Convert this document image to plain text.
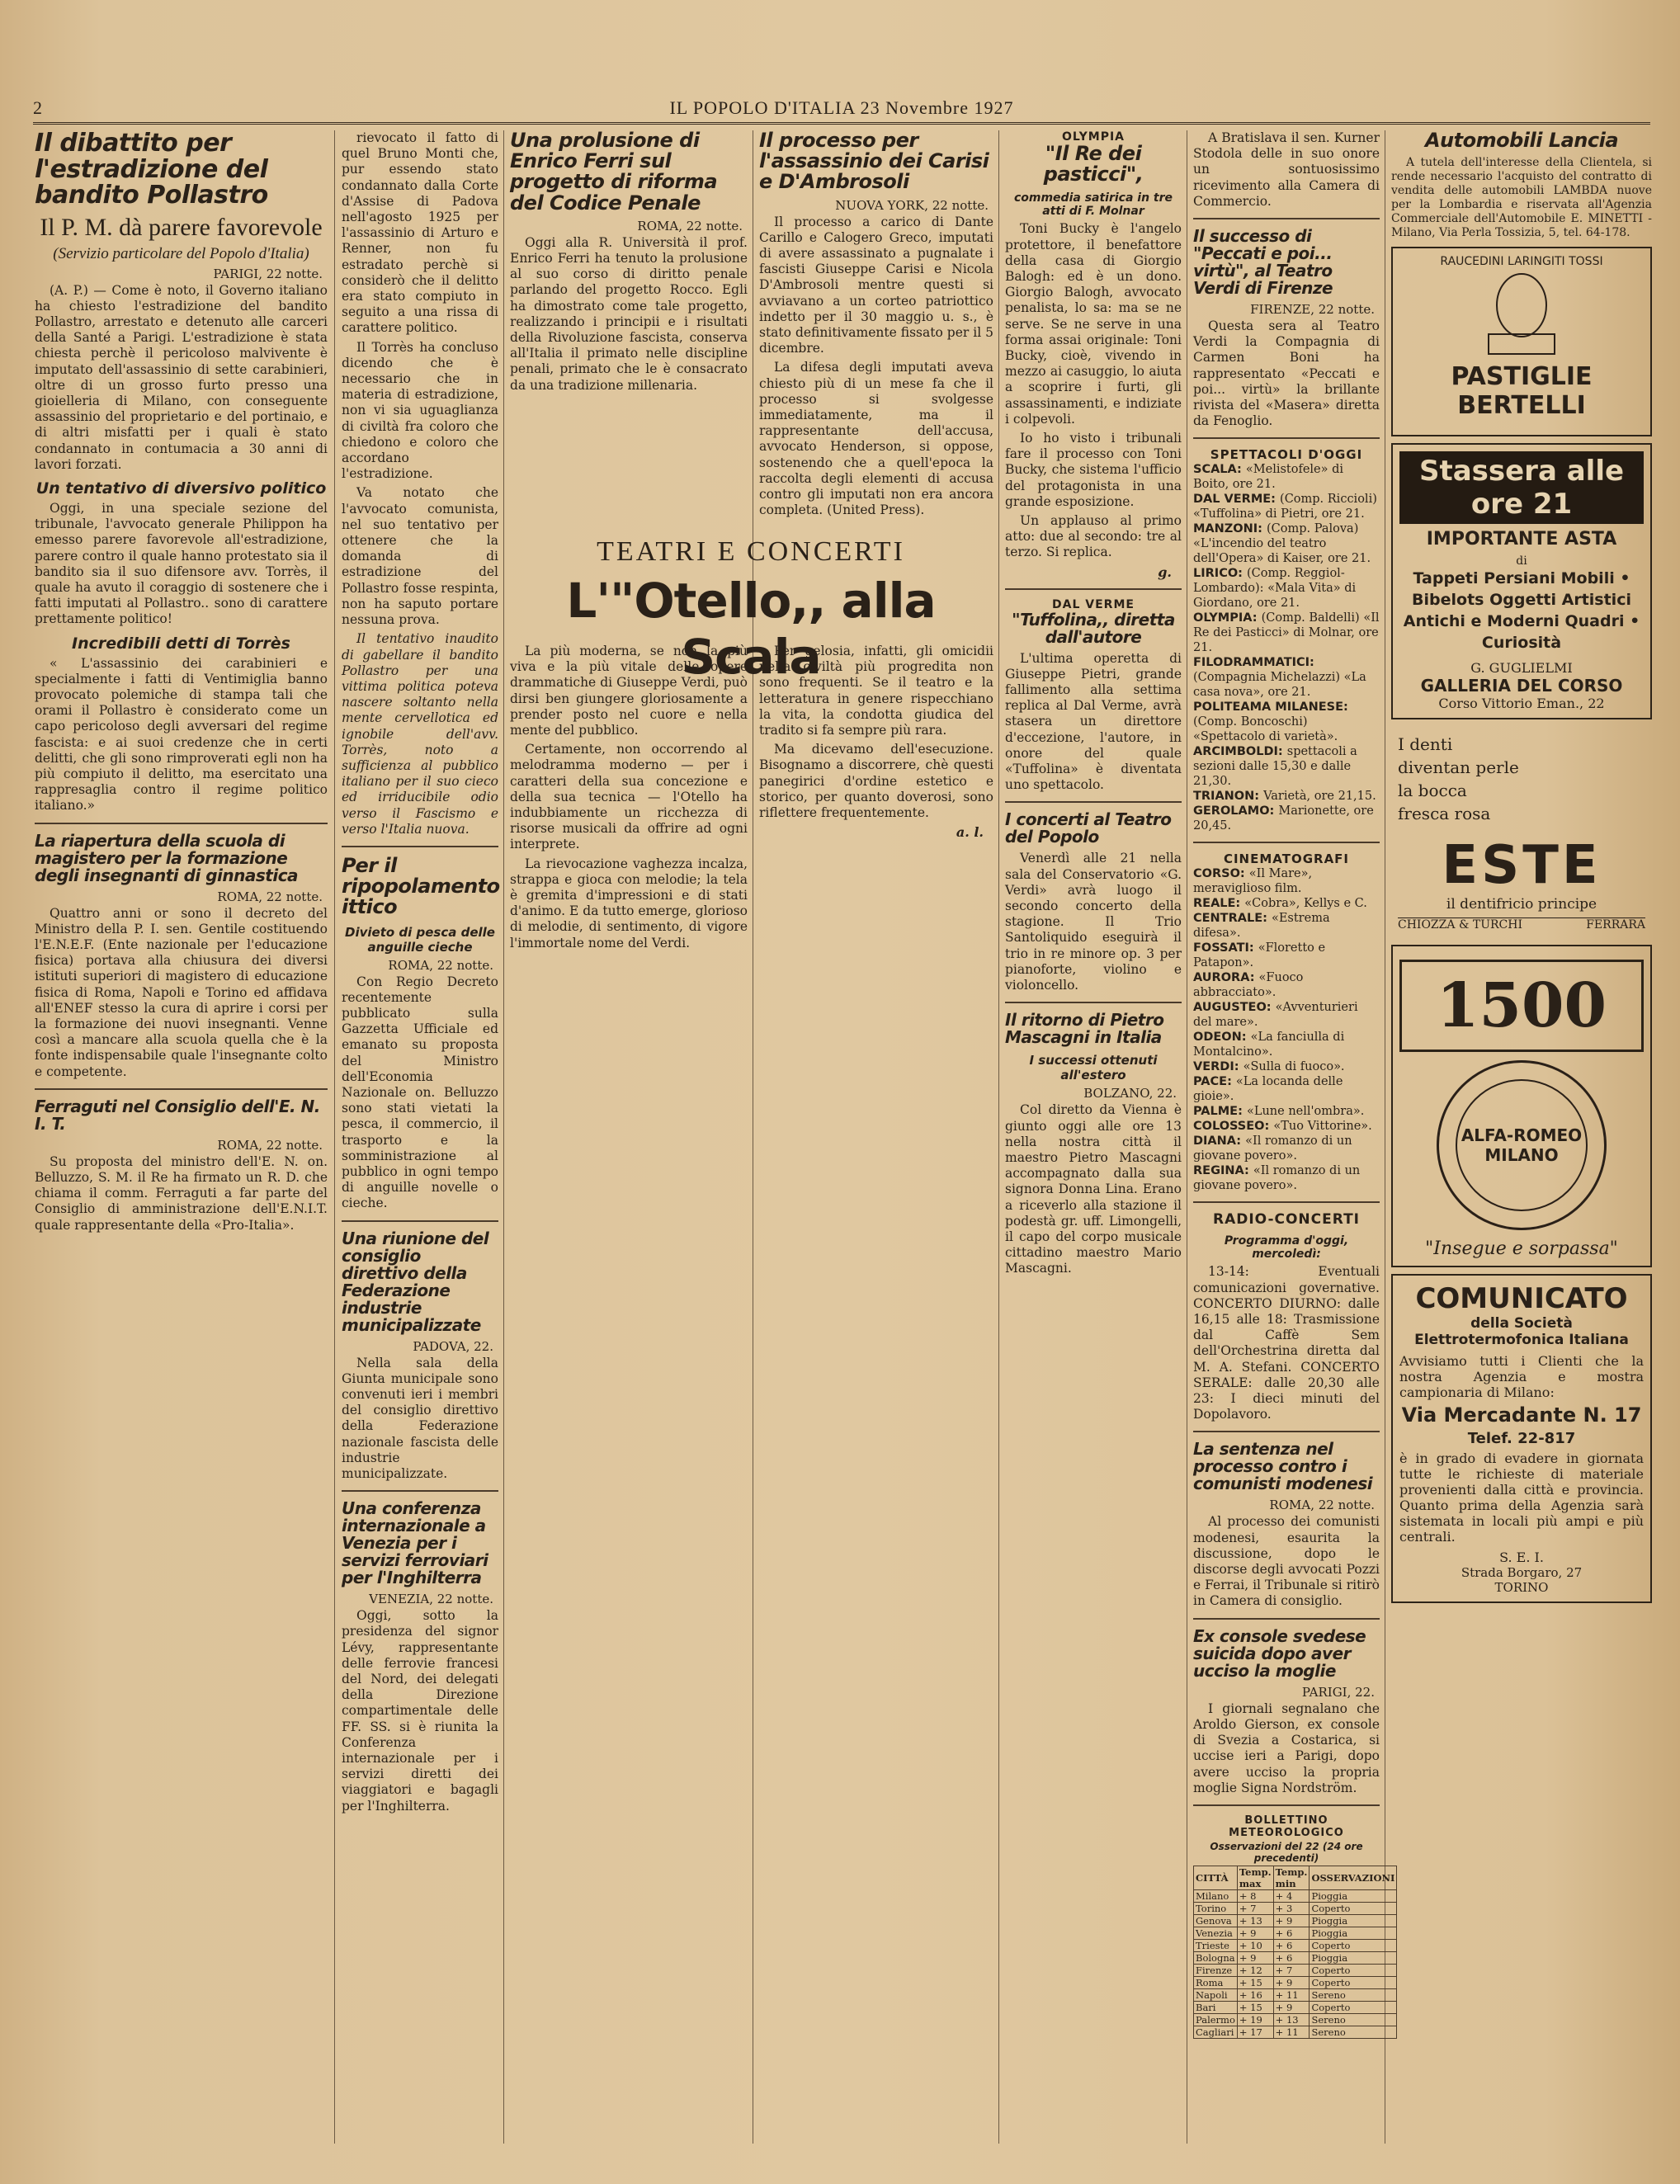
2	IL POPOLO D'ITALIA 23 Novembre 1927
Il dibattito per l'estradizione del bandito Pollastro
Il P. M. dà parere favorevole
(Servizio particolare del Popolo d'Italia)
PARIGI, 22 notte.

(A. P.) — Come è noto, il Governo italiano ha chiesto l'estradizione del bandito Pollastro, arrestato e detenuto alle carceri della Santé a Parigi. L'estradizione è stata chiesta perchè il pericoloso malvivente è imputato dell'assassinio di sette carabinieri, oltre di un grosso furto presso una gioielleria di Milano, con conseguente assassinio del proprietario e del portinaio, e di altri misfatti per i quali è stato condannato in contumacia a 30 anni di lavori forzati.

Un tentativo di diversivo politico

Oggi, in una speciale sezione del tribunale, l'avvocato generale Philippon ha emesso parere favorevole all'estradizione, parere contro il quale hanno protestato sia il bandito sia il suo difensore avv. Torrès, il quale ha avuto il coraggio di sostenere che i fatti imputati al Pollastro.. sono di carattere prettamente politico!

Incredibili detti di Torrès

« L'assassinio dei carabinieri e specialmente i fatti di Ventimiglia banno provocato polemiche di stampa tali che orami il Pollastro è considerato come un capo pericoloso degli avversari del regime fascista: e ai suoi credenze che in certi delitti, che gli sono rimproverati egli non ha più compiuto il delitto, ma esercitato una rappresaglia contro il regime politico italiano.»

La riapertura della scuola di magistero per la formazione degli insegnanti di ginnastica
ROMA, 22 notte.

Quattro anni or sono il decreto del Ministro della P. I. sen. Gentile costituendo l'E.N.E.F. (Ente nazionale per l'educazione fisica) portava alla chiusura dei diversi istituti superiori di magistero di educazione fisica di Roma, Napoli e Torino ed affidava all'ENEF stesso la cura di aprire i corsi per la formazione dei nuovi insegnanti. Venne così a mancare alla scuola quella che è la fonte indispensabile quale l'insegnante colto e competente.

Ferraguti nel Consiglio dell'E. N. I. T.
ROMA, 22 notte.

Su proposta del ministro dell'E. N. on. Belluzzo, S. M. il Re ha firmato un R. D. che chiama il comm. Ferraguti a far parte del Consiglio di amministrazione dell'E.N.I.T. quale rappresentante della «Pro-Italia».

rievocato il fatto di quel Bruno Monti che, pur essendo stato condannato dalla Corte d'Assise di Padova nell'agosto 1925 per l'assassinio di Arturo e Renner, non fu estradato perchè si considerò che il delitto era stato compiuto in seguito a una rissa di carattere politico.

Il Torrès ha concluso dicendo che è necessario che in materia di estradizione, non vi sia uguaglianza di civiltà fra coloro che chiedono e coloro che accordano l'estradizione.

Va notato che l'avvocato comunista, nel suo tentativo per ottenere che la domanda di estradizione del Pollastro fosse respinta, non ha saputo portare nessuna prova.

Il tentativo inaudito di gabellare il bandito Pollastro per una vittima politica poteva nascere soltanto nella mente cervellotica ed ignobile dell'avv. Torrès, noto a sufficienza al pubblico italiano per il suo cieco ed irriducibile odio verso il Fascismo e verso l'Italia nuova.

Per il ripopolamento ittico
Divieto di pesca delle anguille cieche
ROMA, 22 notte.

Con Regio Decreto recentemente pubblicato sulla Gazzetta Ufficiale ed emanato su proposta del Ministro dell'Economia Nazionale on. Belluzzo sono stati vietati la pesca, il commercio, il trasporto e la somministrazione al pubblico in ogni tempo di anguille novelle o cieche.

Una riunione del consiglio direttivo della Federazione industrie municipalizzate
PADOVA, 22.

Nella sala della Giunta municipale sono convenuti ieri i membri del consiglio direttivo della Federazione nazionale fascista delle industrie municipalizzate.

Una conferenza internazionale a Venezia per i servizi ferroviari per l'Inghilterra
VENEZIA, 22 notte.

Oggi, sotto la presidenza del signor Lévy, rappresentante delle ferrovie francesi del Nord, dei delegati della Direzione compartimentale delle FF. SS. si è riunita la Conferenza internazionale per i servizi diretti dei viaggiatori e bagagli per l'Inghilterra.

Una prolusione di Enrico Ferri sul progetto di riforma del Codice Penale
ROMA, 22 notte.

Oggi alla R. Università il prof. Enrico Ferri ha tenuto la prolusione al suo corso di diritto penale parlando del progetto Rocco. Egli ha dimostrato come tale progetto, realizzando i principii e i risultati della Rivoluzione fascista, conserva all'Italia il primato nelle discipline penali, primato che le è consacrato da una tradizione millenaria.

Il processo per l'assassinio dei Carisi e D'Ambrosoli
NUOVA YORK, 22 notte.

Il processo a carico di Dante Carillo e Calogero Greco, imputati di avere assassinato a pugnalate i fascisti Giuseppe Carisi e Nicola D'Ambrosoli mentre questi si avviavano a un corteo patriottico indetto per il 30 maggio u. s., è stato definitivamente fissato per il 5 dicembre.

La difesa degli imputati aveva chiesto più di un mese fa che il processo si svolgesse immediatamente, ma il rappresentante dell'accusa, avvocato Henderson, si oppose, sostenendo che a quell'epoca la raccolta degli elementi di accusa contro gli imputati non era ancora completa. (United Press).

TEATRI E CONCERTI
L'"Otello,, alla Scala

La più moderna, se non la più viva e la più vitale delle opere drammatiche di Giuseppe Verdi, può dirsi ben giungere gloriosamente a prender posto nel cuore e nella mente del pubblico.

Certamente, non occorrendo al melodramma moderno — per i caratteri della sua concezione e della sua tecnica — l'Otello ha indubbiamente un ricchezza di risorse musicali da offrire ad ogni interprete.

La rievocazione vaghezza incalza, strappa e gioca con melodie; la tela è gremita d'impressioni e di stati d'animo. E da tutto emerge, glorioso di melodie, di sentimento, di vigore l'immortale nome del Verdi.

Per gelosia, infatti, gli omicidii nella civiltà più progredita non sono frequenti. Se il teatro e la letteratura in genere rispecchiano la vita, la condotta giudica del tradito si fa sempre più rara.

Ma dicevamo dell'esecuzione. Bisognamo a discorrere, chè questi panegirici d'ordine estetico e storico, per quanto doverosi, sono riflettere frequentemente.

a. l.
OLYMPIA
"Il Re dei pasticci",
commedia satirica in tre atti di F. Molnar

Toni Bucky è l'angelo protettore, il benefattore della casa di Giorgio Balogh: ed è un dono. Giorgio Balogh, avvocato penalista, lo sa: ma se ne serve. Se ne serve in una forma assai originale: Toni Bucky, cioè, vivendo in mezzo ai casuggio, lo aiuta a scoprire i furti, gli assassinamenti, e indiziate i colpevoli.

Io ho visto i tribunali fare il processo con Toni Bucky, che sistema l'ufficio del protagonista in una grande esposizione.

Un applauso al primo atto: due al secondo: tre al terzo. Si replica.

g.
DAL VERME
"Tuffolina,, diretta dall'autore

L'ultima operetta di Giuseppe Pietri, grande fallimento alla settima replica al Dal Verme, avrà stasera un direttore d'eccezione, l'autore, in onore del quale «Tuffolina» è diventata uno spettacolo.

I concerti al Teatro del Popolo

Venerdì alle 21 nella sala del Conservatorio «G. Verdi» avrà luogo il secondo concerto della stagione. Il Trio Santoliquido eseguirà il trio in re minore op. 3 per pianoforte, violino e violoncello.

Il ritorno di Pietro Mascagni in Italia
I successi ottenuti all'estero
BOLZANO, 22.

Col diretto da Vienna è giunto oggi alle ore 13 nella nostra città il maestro Pietro Mascagni accompagnato dalla sua signora Donna Lina. Erano a riceverlo alla stazione il podestà gr. uff. Limongelli, il capo del corpo musicale cittadino maestro Mario Mascagni.

A Bratislava il sen. Kurner Stodola delle in suo onore un sontuosissimo ricevimento alla Camera di Commercio.

Il successo di "Peccati e poi... virtù", al Teatro Verdi di Firenze
FIRENZE, 22 notte.

Questa sera al Teatro Verdi la Compagnia di Carmen Boni ha rappresentato «Peccati e poi... virtù» la brillante rivista del «Masera» diretta da Fenoglio.

SPETTACOLI D'OGGI
SCALA: «Melistofele» di Boito, ore 21.
DAL VERME: (Comp. Riccioli) «Tuffolina» di Pietri, ore 21.
MANZONI: (Comp. Palova) «L'incendio del teatro dell'Opera» di Kaiser, ore 21.
LIRICO: (Comp. Reggiol-Lombardo): «Mala Vita» di Giordano, ore 21.
OLYMPIA: (Comp. Baldelli) «Il Re dei Pasticci» di Molnar, ore 21.
FILODRAMMATICI: (Compagnia Michelazzi) «La casa nova», ore 21.
POLITEAMA MILANESE: (Comp. Boncoschi) «Spettacolo di varietà».
ARCIMBOLDI: spettacoli a sezioni dalle 15,30 e dalle 21,30.
TRIANON: Varietà, ore 21,15.
GEROLAMO: Marionette, ore 20,45.
CINEMATOGRAFI
CORSO: «Il Mare», meraviglioso film.
REALE: «Cobra», Kellys e C.
CENTRALE: «Estrema difesa».
FOSSATI: «Floretto e Patapon».
AURORA: «Fuoco abbracciato».
AUGUSTEO: «Avventurieri del mare».
ODEON: «La fanciulla di Montalcino».
VERDI: «Sulla di fuoco».
PACE: «La locanda delle gioie».
PALME: «Lune nell'ombra».
COLOSSEO: «Tuo Vittorine».
DIANA: «Il romanzo di un giovane povero».
REGINA: «Il romanzo di un giovane povero».
RADIO-CONCERTI
Programma d'oggi, mercoledì:

13-14: Eventuali comunicazioni governative. CONCERTO DIURNO: dalle 16,15 alle 18: Trasmissione dal Caffè Sem dell'Orchestrina diretta dal M. A. Stefani. CONCERTO SERALE: dalle 20,30 alle 23: I dieci minuti del Dopolavoro.

La sentenza nel processo contro i comunisti modenesi
ROMA, 22 notte.

Al processo dei comunisti modenesi, esaurita la discussione, dopo le discorse degli avvocati Pozzi e Ferrai, il Tribunale si ritirò in Camera di consiglio.

Ex console svedese suicida dopo aver ucciso la moglie
PARIGI, 22.

I giornali segnalano che Aroldo Gierson, ex console di Svezia a Costarica, si uccise ieri a Parigi, dopo avere ucciso la propria moglie Signa Nordström.

BOLLETTINO METEOROLOGICO
Osservazioni del 22 (24 ore precedenti)
CITTÀ	Temp. max	Temp. min	OSSERVAZIONI
Milano	+ 8	+ 4	Pioggia
Torino	+ 7	+ 3	Coperto
Genova	+ 13	+ 9	Pioggia
Venezia	+ 9	+ 6	Pioggia
Trieste	+ 10	+ 6	Coperto
Bologna	+ 9	+ 6	Pioggia
Firenze	+ 12	+ 7	Coperto
Roma	+ 15	+ 9	Coperto
Napoli	+ 16	+ 11	Sereno
Bari	+ 15	+ 9	Coperto
Palermo	+ 19	+ 13	Sereno
Cagliari	+ 17	+ 11	Sereno
Automobili Lancia

A tutela dell'interesse della Clientela, si rende necessario l'acquisto del contratto di vendita delle automobili LAMBDA nuove per la Lombardia e riservata all'Agenzia Commerciale dell'Automobile E. MINETTI - Milano, Via Perla Tossizia, 5, tel. 64-178.

RAUCEDINI LARINGITI TOSSI
PASTIGLIE BERTELLI
Stassera alle ore 21
IMPORTANTE ASTA
di
Tappeti Persiani Mobili • Bibelots Oggetti Artistici Antichi e Moderni Quadri • Curiosità
G. GUGLIELMI
GALLERIA DEL CORSO
Corso Vittorio Eman., 22
I denti diventan perle la bocca fresca rosa
ESTE
il dentifricio principe
CHIOZZA & TURCHI	FERRARA
1500
ALFA-ROMEO MILANO
"Insegue e sorpassa"
COMUNICATO
della Società Elettrotermofonica Italiana
Avvisiamo tutti i Clienti che la nostra Agenzia e mostra campionaria di Milano:
Via Mercadante N. 17
Telef. 22-817
è in grado di evadere in giornata tutte le richieste di materiale provenienti dalla città e provincia. Quanto prima della Agenzia sarà sistemata in locali più ampi e più centrali.
S. E. I.
Strada Borgaro, 27
TORINO
